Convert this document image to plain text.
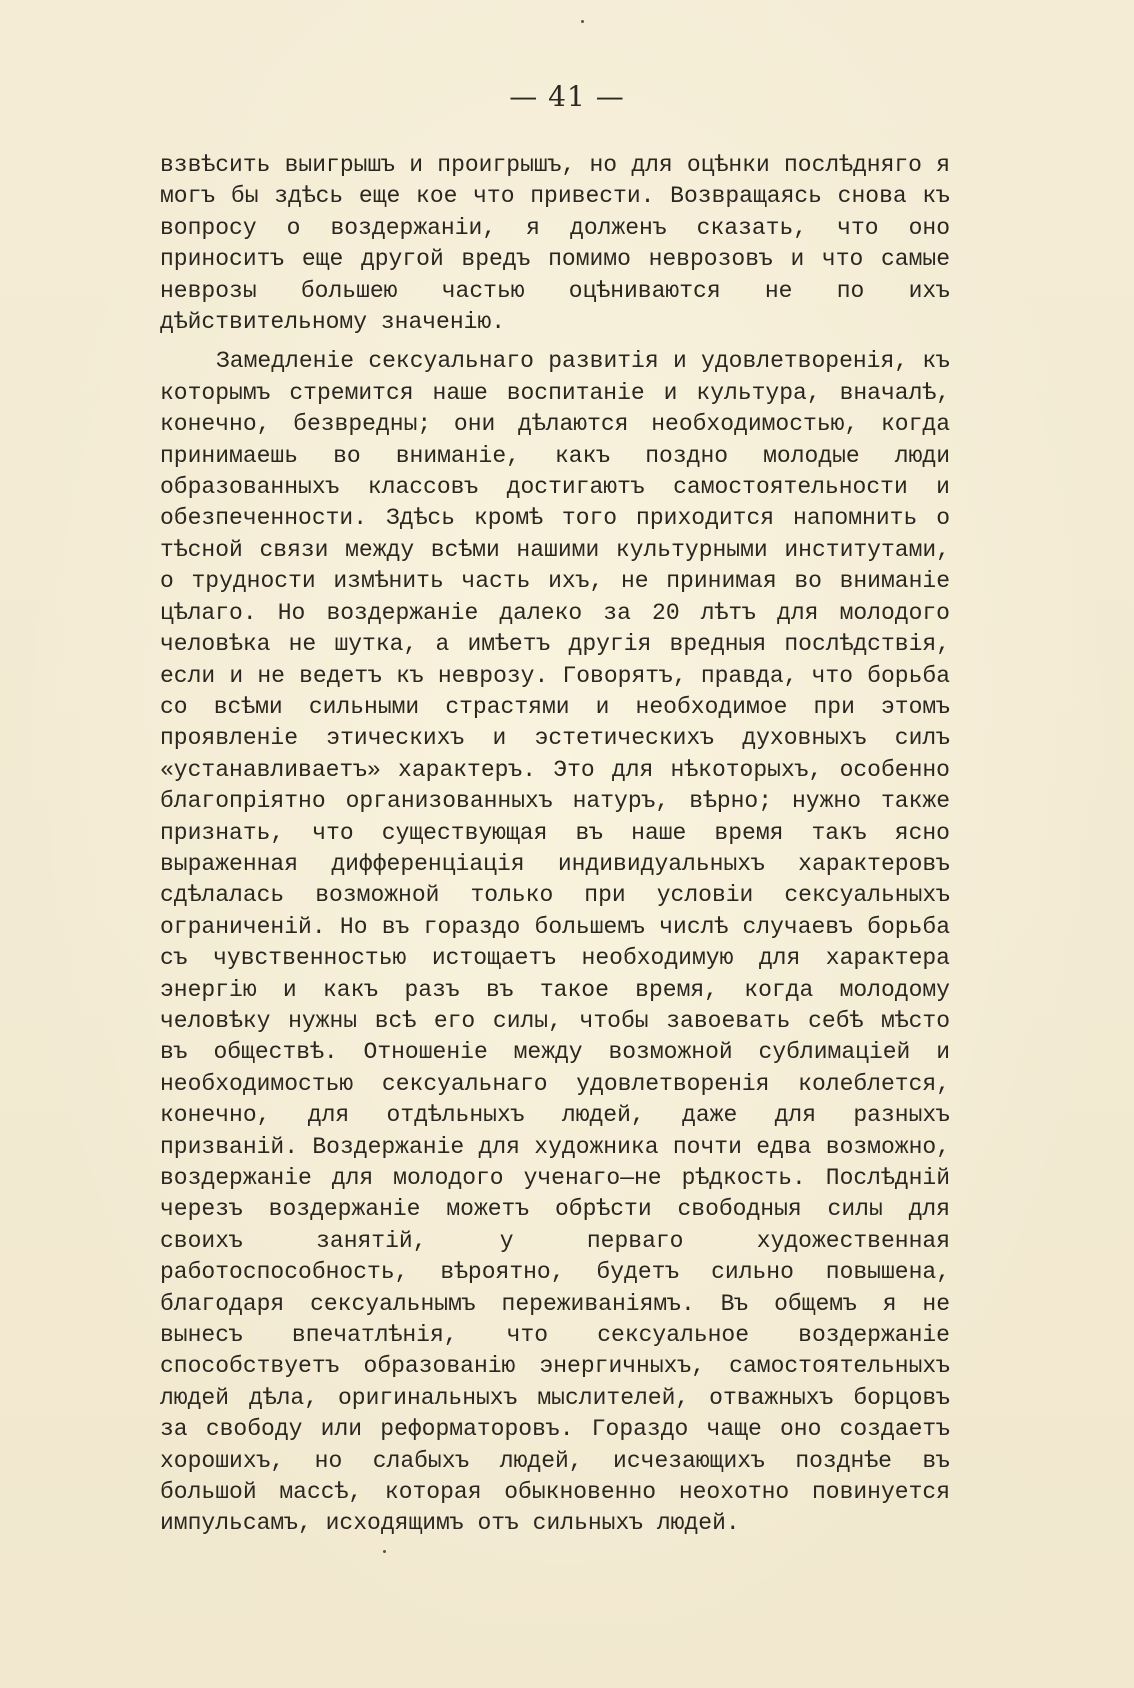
— 41 —

взвѣсить выигрышъ и проигрышъ, но для оцѣнки послѣдняго я могъ бы здѣсь еще кое что привести. Возвращаясь снова къ вопросу о воздержанiи, я долженъ сказать, что оно приноситъ еще другой вредъ помимо неврозовъ и что самые неврозы большею частью оцѣниваются не по ихъ дѣйствительному значенiю.

Замедленiе сексуальнаго развитiя и удовлетворенiя, къ которымъ стремится наше воспитанiе и культура, вначалѣ, конечно, безвредны; они дѣлаются необходимостью, когда принимаешь во вниманiе, какъ поздно молодые люди образованныхъ классовъ достигаютъ самостоятельности и обезпеченности. Здѣсь кромѣ того приходится напомнить о тѣсной связи между всѣми нашими культурными институтами, о трудности измѣнить часть ихъ, не принимая во вниманiе цѣлаго. Но воздержанiе далеко за 20 лѣтъ для молодого человѣка не шутка, а имѣетъ другiя вредныя послѣдствiя, если и не ведетъ къ неврозу. Говорятъ, правда, что борьба со всѣми сильными страстями и необходимое при этомъ проявленiе этическихъ и эстетическихъ духовныхъ силъ «устанавливаетъ» характеръ. Это для нѣкоторыхъ, особенно благопрiятно организованныхъ натуръ, вѣрно; нужно также признать, что существующая въ наше время такъ ясно выраженная дифференцiацiя индивидуальныхъ характеровъ сдѣлалась возможной только при условiи сексуальныхъ ограниченiй. Но въ гораздо большемъ числѣ случаевъ борьба съ чувственностью истощаетъ необходимую для характера энергiю и какъ разъ въ такое время, когда молодому человѣку нужны всѣ его силы, чтобы завоевать себѣ мѣсто въ обществѣ. Отношенiе между возможной сублимацiей и необходимостью сексуальнаго удовлетворенiя колеблется, конечно, для отдѣльныхъ людей, даже для разныхъ призванiй. Воздержанiе для художника почти едва возможно, воздержанiе для молодого ученаго—не рѣдкость. Послѣднiй черезъ воздержанiе можетъ обрѣсти свободныя силы для своихъ занятiй, у перваго художественная работоспособность, вѣроятно, будетъ сильно повышена, благодаря сексуальнымъ переживанiямъ. Въ общемъ я не вынесъ впечатлѣнiя, что сексуальное воздержанiе способствуетъ образованiю энергичныхъ, самостоятельныхъ людей дѣла, оригинальныхъ мыслителей, отважныхъ борцовъ за свободу или реформаторовъ. Гораздо чаще оно создаетъ хорошихъ, но слабыхъ людей, исчезающихъ позднѣе въ большой массѣ, которая обыкновенно неохотно повинуется импульсамъ, исходящимъ отъ сильныхъ людей.
